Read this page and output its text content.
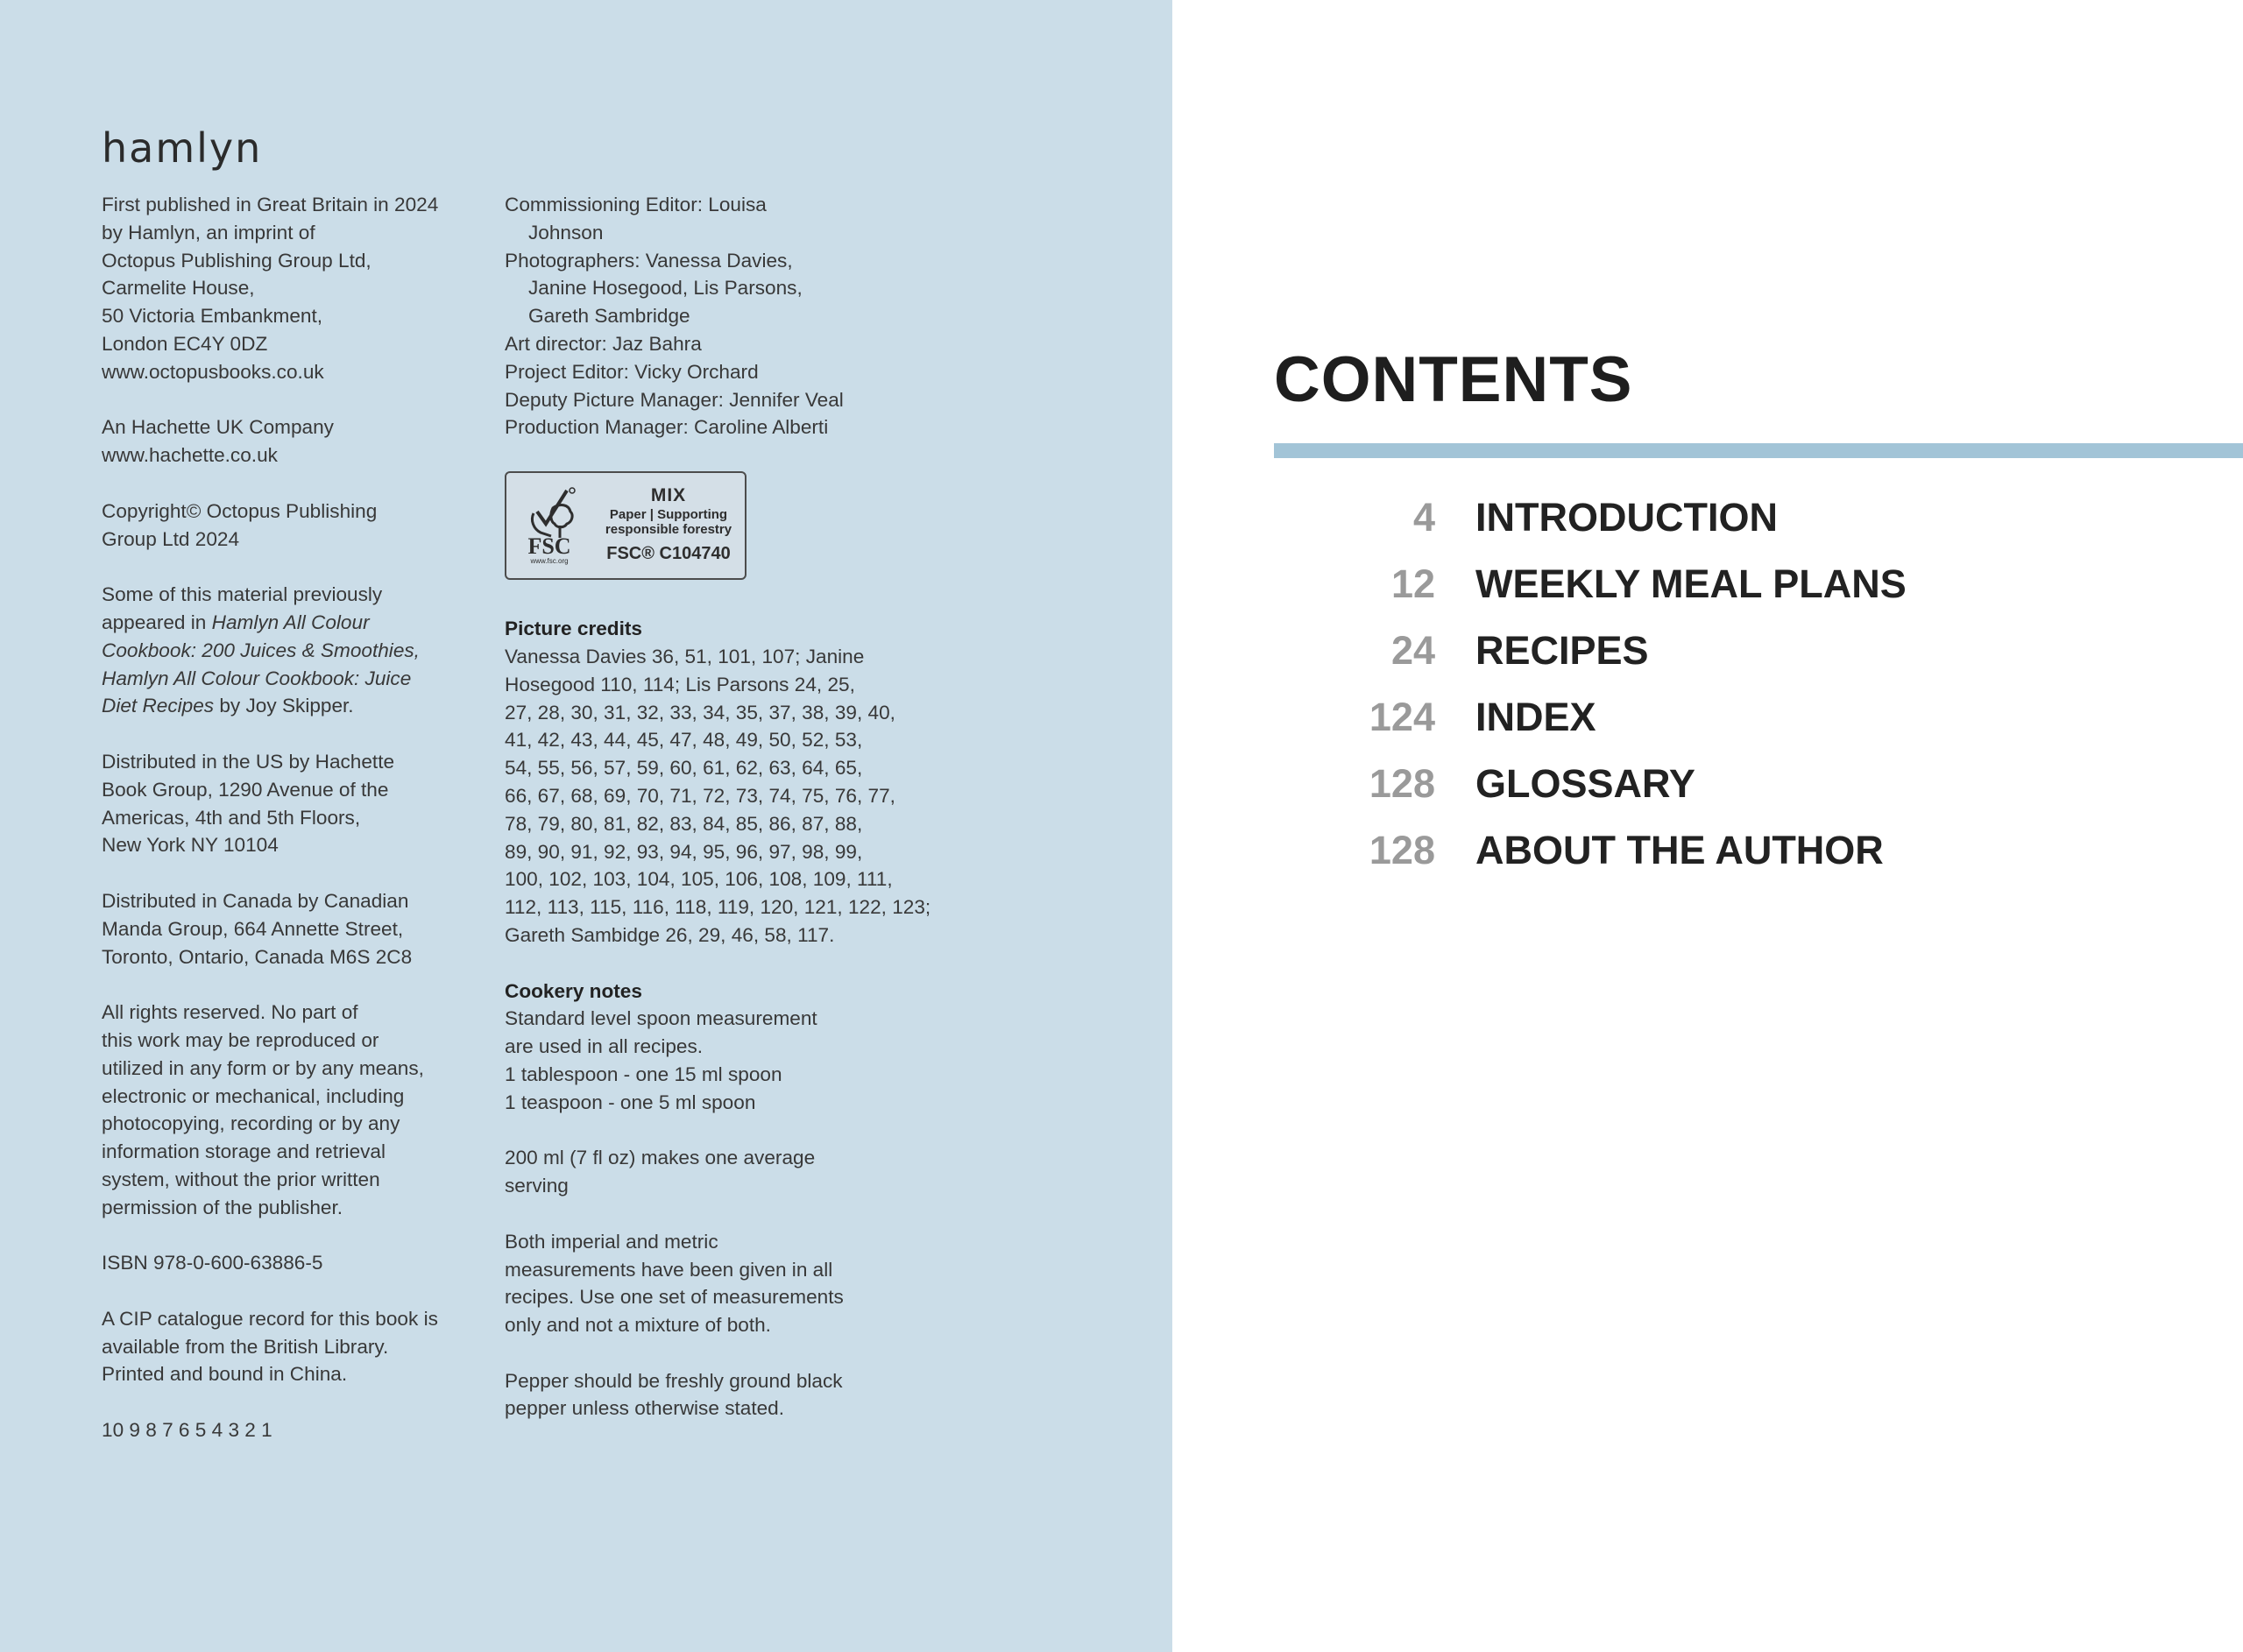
hamlyn
First published in Great Britain in 2024
by Hamlyn, an imprint of
Octopus Publishing Group Ltd,
Carmelite House,
50 Victoria Embankment,
London EC4Y 0DZ
www.octopusbooks.co.uk
An Hachette UK Company
www.hachette.co.uk
Copyright© Octopus Publishing
Group Ltd 2024
Some of this material previously
appeared in Hamlyn All Colour
Cookbook: 200 Juices & Smoothies,
Hamlyn All Colour Cookbook: Juice
Diet Recipes by Joy Skipper.
Distributed in the US by Hachette
Book Group, 1290 Avenue of the
Americas, 4th and 5th Floors,
New York NY 10104
Distributed in Canada by Canadian
Manda Group, 664 Annette Street,
Toronto, Ontario, Canada M6S 2C8
All rights reserved. No part of
this work may be reproduced or
utilized in any form or by any means,
electronic or mechanical, including
photocopying, recording or by any
information storage and retrieval
system, without the prior written
permission of the publisher.
ISBN 978-0-600-63886-5
A CIP catalogue record for this book is
available from the British Library.
Printed and bound in China.
10 9 8 7 6 5 4 3 2 1
Commissioning Editor: Louisa
Johnson
Photographers: Vanessa Davies,
Janine Hosegood, Lis Parsons,
Gareth Sambridge
Art director: Jaz Bahra
Project Editor: Vicky Orchard
Deputy Picture Manager: Jennifer Veal
Production Manager: Caroline Alberti
FSC
www.fsc.org
MIX
Paper | Supporting
responsible forestry
FSC® C104740
Picture credits
Vanessa Davies 36, 51, 101, 107; Janine
Hosegood 110, 114; Lis Parsons 24, 25,
27, 28, 30, 31, 32, 33, 34, 35, 37, 38, 39, 40,
41, 42, 43, 44, 45, 47, 48, 49, 50, 52, 53,
54, 55, 56, 57, 59, 60, 61, 62, 63, 64, 65,
66, 67, 68, 69, 70, 71, 72, 73, 74, 75, 76, 77,
78, 79, 80, 81, 82, 83, 84, 85, 86, 87, 88,
89, 90, 91, 92, 93, 94, 95, 96, 97, 98, 99,
100, 102, 103, 104, 105, 106, 108, 109, 111,
112, 113, 115, 116, 118, 119, 120, 121, 122, 123;
Gareth Sambidge 26, 29, 46, 58, 117.
Cookery notes
Standard level spoon measurement
are used in all recipes.
1 tablespoon - one 15 ml spoon
1 teaspoon - one 5 ml spoon
200 ml (7 fl oz) makes one average
serving
Both imperial and metric
measurements have been given in all
recipes. Use one set of measurements
only and not a mixture of both.
Pepper should be freshly ground black
pepper unless otherwise stated.
CONTENTS
4 INTRODUCTION
12 WEEKLY MEAL PLANS
24 RECIPES
124 INDEX
128 GLOSSARY
128 ABOUT THE AUTHOR
